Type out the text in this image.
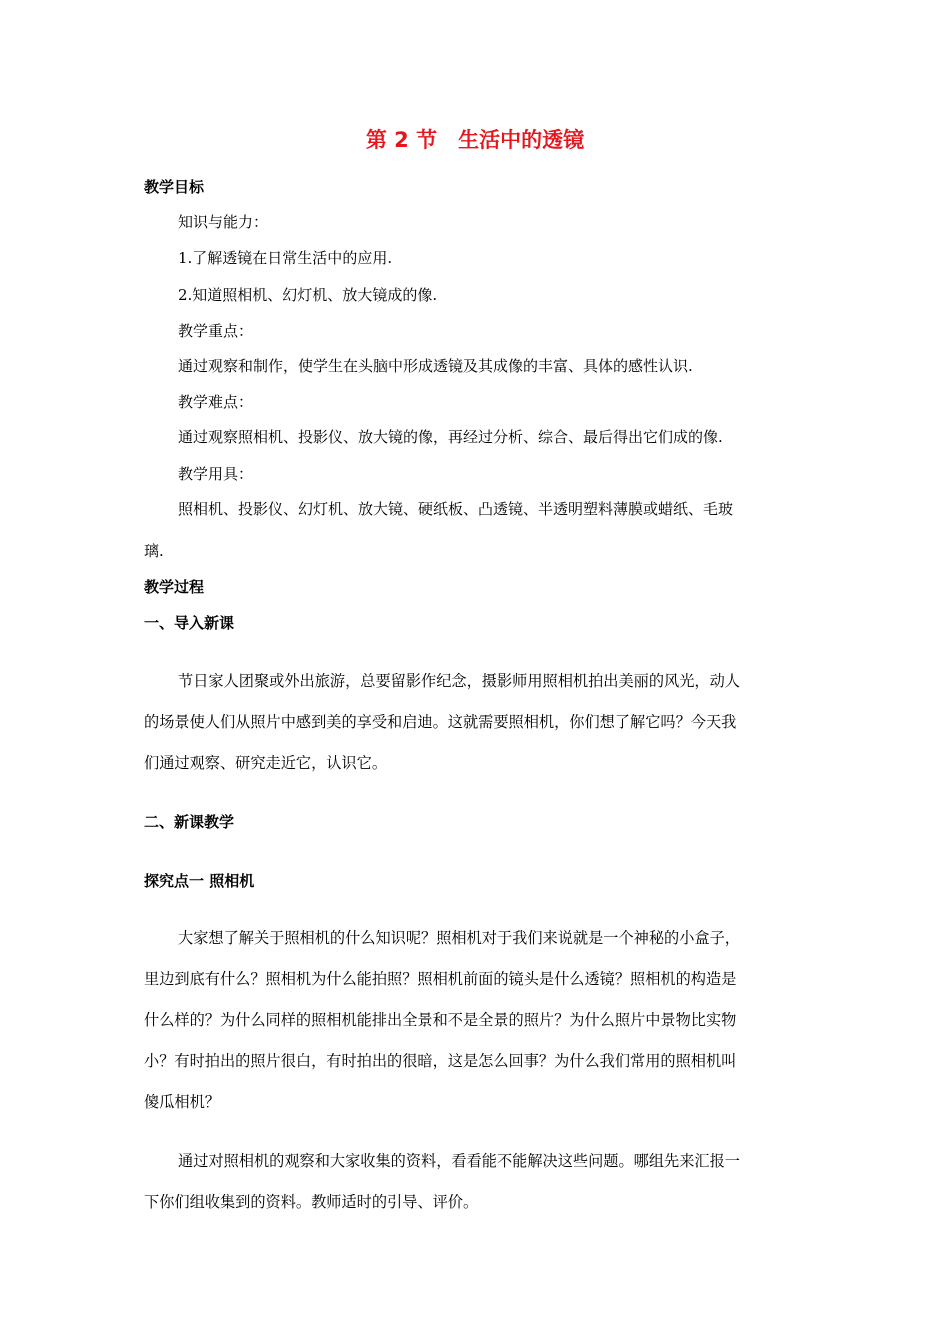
第 2 节　生活中的透镜
教学目标
知识与能力：
1.了解透镜在日常生活中的应用.
2.知道照相机、幻灯机、放大镜成的像.
教学重点：
通过观察和制作，使学生在头脑中形成透镜及其成像的丰富、具体的感性认识.
教学难点：
通过观察照相机、投影仪、放大镜的像，再经过分析、综合、最后得出它们成的像.
教学用具：
照相机、投影仪、幻灯机、放大镜、硬纸板、凸透镜、半透明塑料薄膜或蜡纸、毛玻
璃.
教学过程
一、导入新课
节日家人团聚或外出旅游，总要留影作纪念，摄影师用照相机拍出美丽的风光，动人
的场景使人们从照片中感到美的享受和启迪。这就需要照相机，你们想了解它吗？今天我
们通过观察、研究走近它，认识它。
二、新课教学
探究点一 照相机
大家想了解关于照相机的什么知识呢？照相机对于我们来说就是一个神秘的小盒子，
里边到底有什么？照相机为什么能拍照？照相机前面的镜头是什么透镜？照相机的构造是
什么样的？为什么同样的照相机能排出全景和不是全景的照片？为什么照片中景物比实物
小？有时拍出的照片很白，有时拍出的很暗，这是怎么回事？为什么我们常用的照相机叫
傻瓜相机？
通过对照相机的观察和大家收集的资料，看看能不能解决这些问题。哪组先来汇报一
下你们组收集到的资料。教师适时的引导、评价。
